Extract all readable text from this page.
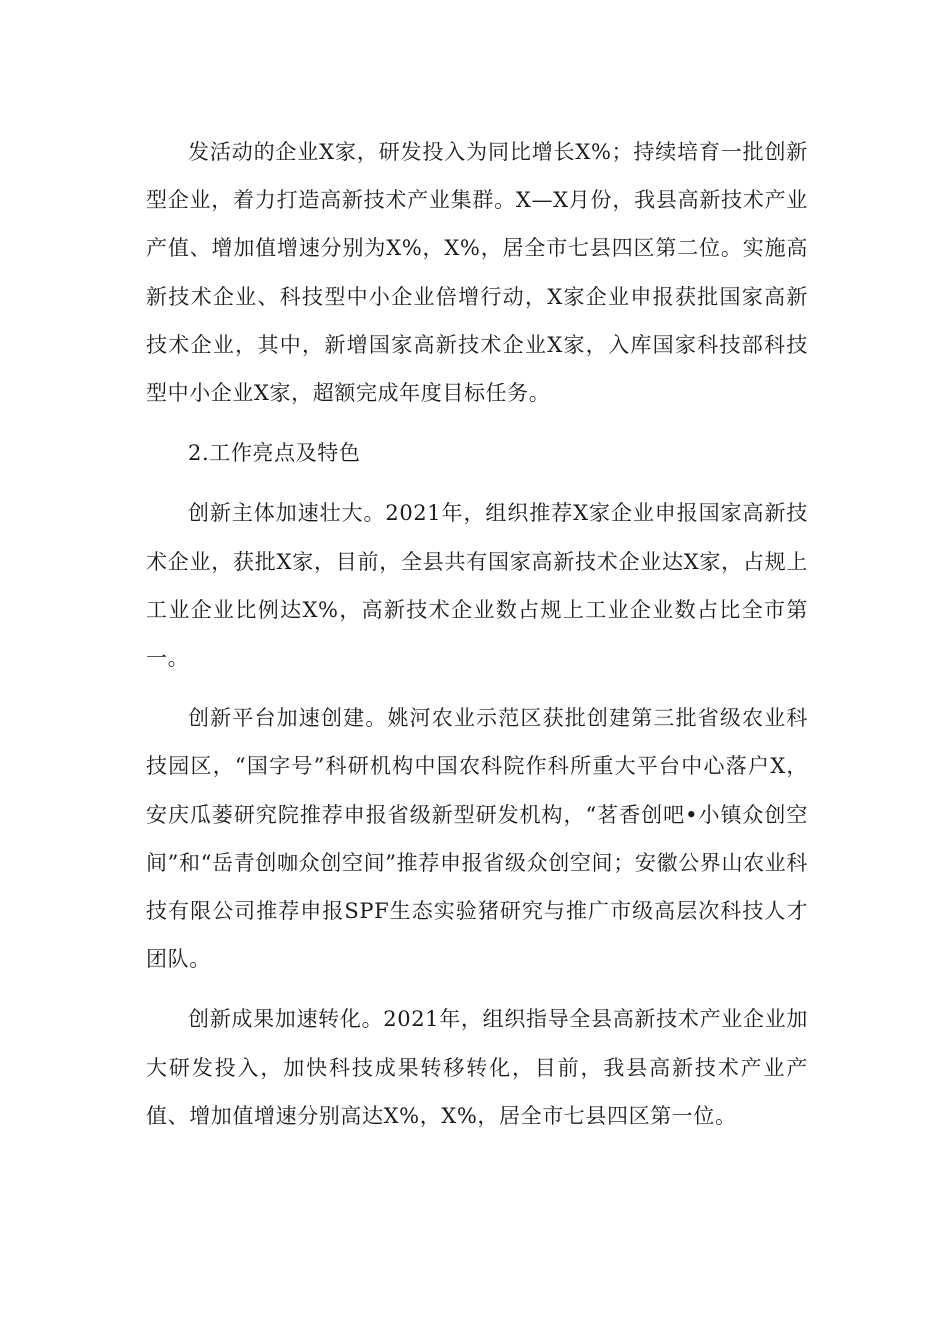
发活动的企业X家，研发投入为同比增长X%；持续培育一批创新型企业，着力打造高新技术产业集群。X—X月份，我县高新技术产业产值、增加值增速分别为X%，X%，居全市七县四区第二位。实施高新技术企业、科技型中小企业倍增行动，X家企业申报获批国家高新技术企业，其中，新增国家高新技术企业X家，入库国家科技部科技型中小企业X家，超额完成年度目标任务。

2.工作亮点及特色

创新主体加速壮大。2021年，组织推荐X家企业申报国家高新技术企业，获批X家，目前，全县共有国家高新技术企业达X家，占规上工业企业比例达X%，高新技术企业数占规上工业企业数占比全市第一。

创新平台加速创建。姚河农业示范区获批创建第三批省级农业科技园区，“国字号”科研机构中国农科院作科所重大平台中心落户X，安庆瓜蒌研究院推荐申报省级新型研发机构，“茗香创吧•小镇众创空间”和“岳青创咖众创空间”推荐申报省级众创空间；安徽公界山农业科技有限公司推荐申报SPF生态实验猪研究与推广市级高层次科技人才团队。

创新成果加速转化。2021年，组织指导全县高新技术产业企业加大研发投入，加快科技成果转移转化，目前，我县高新技术产业产值、增加值增速分别高达X%，X%，居全市七县四区第一位。
